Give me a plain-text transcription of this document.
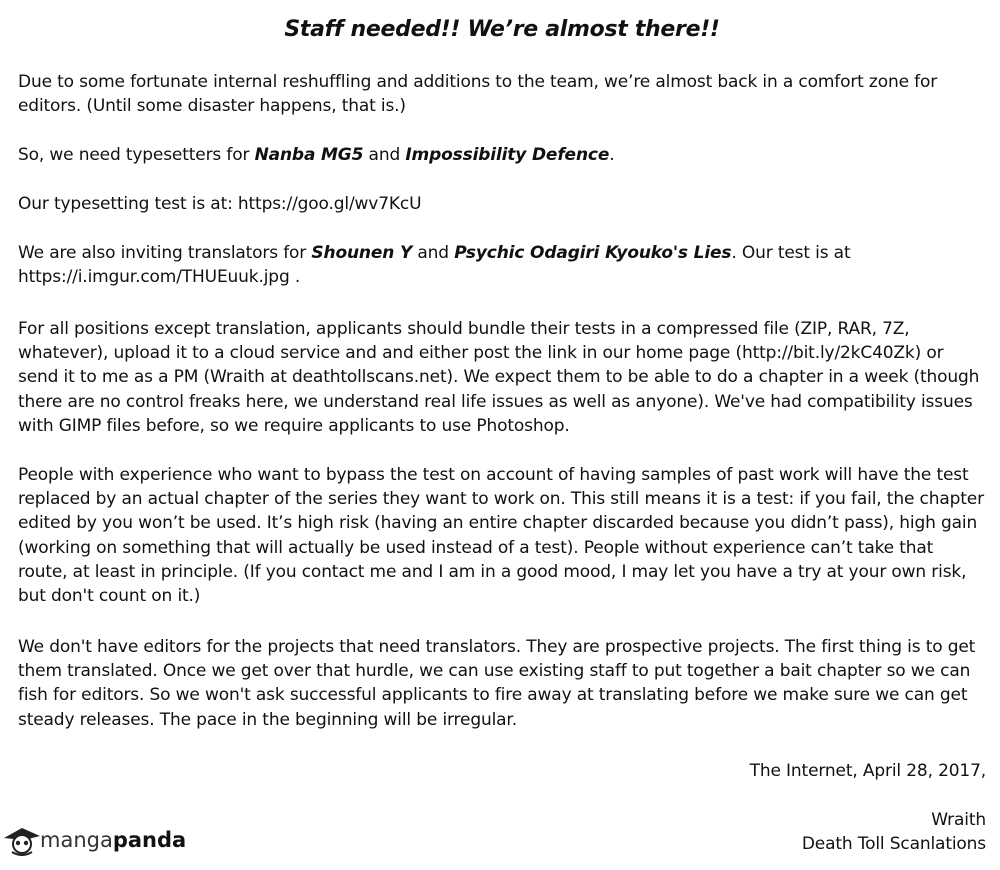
Staff needed!! We’re almost there!!

Due to some fortunate internal reshuffling and additions to the team, we’re almost back in a comfort zone for editors. (Until some disaster happens, that is.)

So, we need typesetters for Nanba MG5 and Impossibility Defence.

Our typesetting test is at: https://goo.gl/wv7KcU

We are also inviting translators for Shounen Y and Psychic Odagiri Kyouko's Lies. Our test is at https://i.imgur.com/THUEuuk.jpg .

For all positions except translation, applicants should bundle their tests in a compressed file (ZIP, RAR, 7Z, whatever), upload it to a cloud service and and either post the link in our home page (http://bit.ly/2kC40Zk) or send it to me as a PM (Wraith at deathtollscans.net). We expect them to be able to do a chapter in a week (though there are no control freaks here, we understand real life issues as well as anyone). We've had compatibility issues with GIMP files before, so we require applicants to use Photoshop.

People with experience who want to bypass the test on account of having samples of past work will have the test replaced by an actual chapter of the series they want to work on. This still means it is a test: if you fail, the chapter edited by you won’t be used. It’s high risk (having an entire chapter discarded because you didn’t pass), high gain (working on something that will actually be used instead of a test). People without experience can’t take that route, at least in principle. (If you contact me and I am in a good mood, I may let you have a try at your own risk, but don't count on it.)

We don't have editors for the projects that need translators. They are prospective projects. The first thing is to get them translated. Once we get over that hurdle, we can use existing staff to put together a bait chapter so we can fish for editors. So we won't ask successful applicants to fire away at translating before we make sure we can get steady releases. The pace in the beginning will be irregular.

The Internet, April 28, 2017,
Wraith
Death Toll Scanlations
mangapanda
